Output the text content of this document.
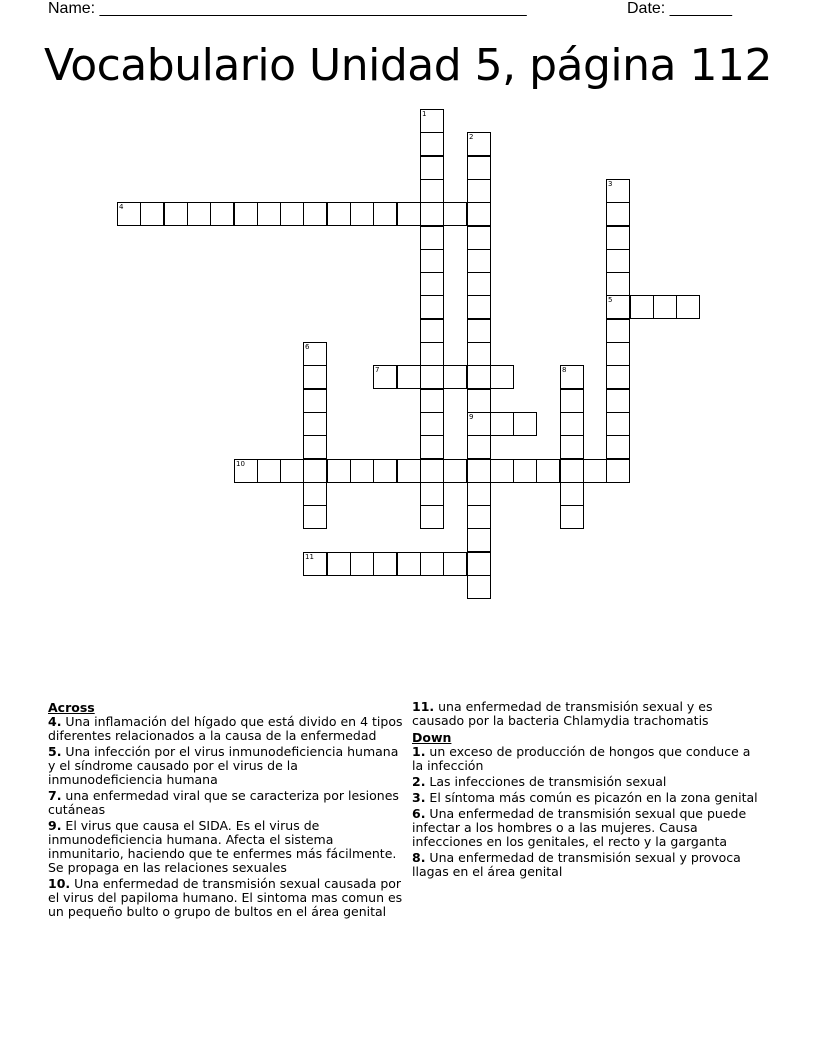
Name: ________________________________________________	Date: _______
Vocabulario Unidad 5, página 112
1
2
9
3
5
4
6
7	8
10
11
Across
4. Una inflamación del hígado que está divido en 4 tipos diferentes relacionados a la causa de la enfermedad
5. Una infección por el virus inmunodeficiencia humana y el síndrome causado por el virus de la inmunodeficiencia humana
7. una enfermedad viral que se caracteriza por lesiones cutáneas
9. El virus que causa el SIDA. Es el virus de inmunodeficiencia humana. Afecta el sistema inmunitario, haciendo que te enfermes más fácilmente. Se propaga en las relaciones sexuales
10. Una enfermedad de transmisión sexual causada por el virus del papiloma humano. El sintoma mas comun es un pequeño bulto o grupo de bultos en el área genital
11. una enfermedad de transmisión sexual y es causado por la bacteria Chlamydia trachomatis
Down
1. un exceso de producción de hongos que conduce a la infección
2. Las infecciones de transmisión sexual
3. El síntoma más común es picazón en la zona genital
6. Una enfermedad de transmisión sexual que puede infectar a los hombres o a las mujeres. Causa infecciones en los genitales, el recto y la garganta
8. Una enfermedad de transmisión sexual y provoca llagas en el área genital
